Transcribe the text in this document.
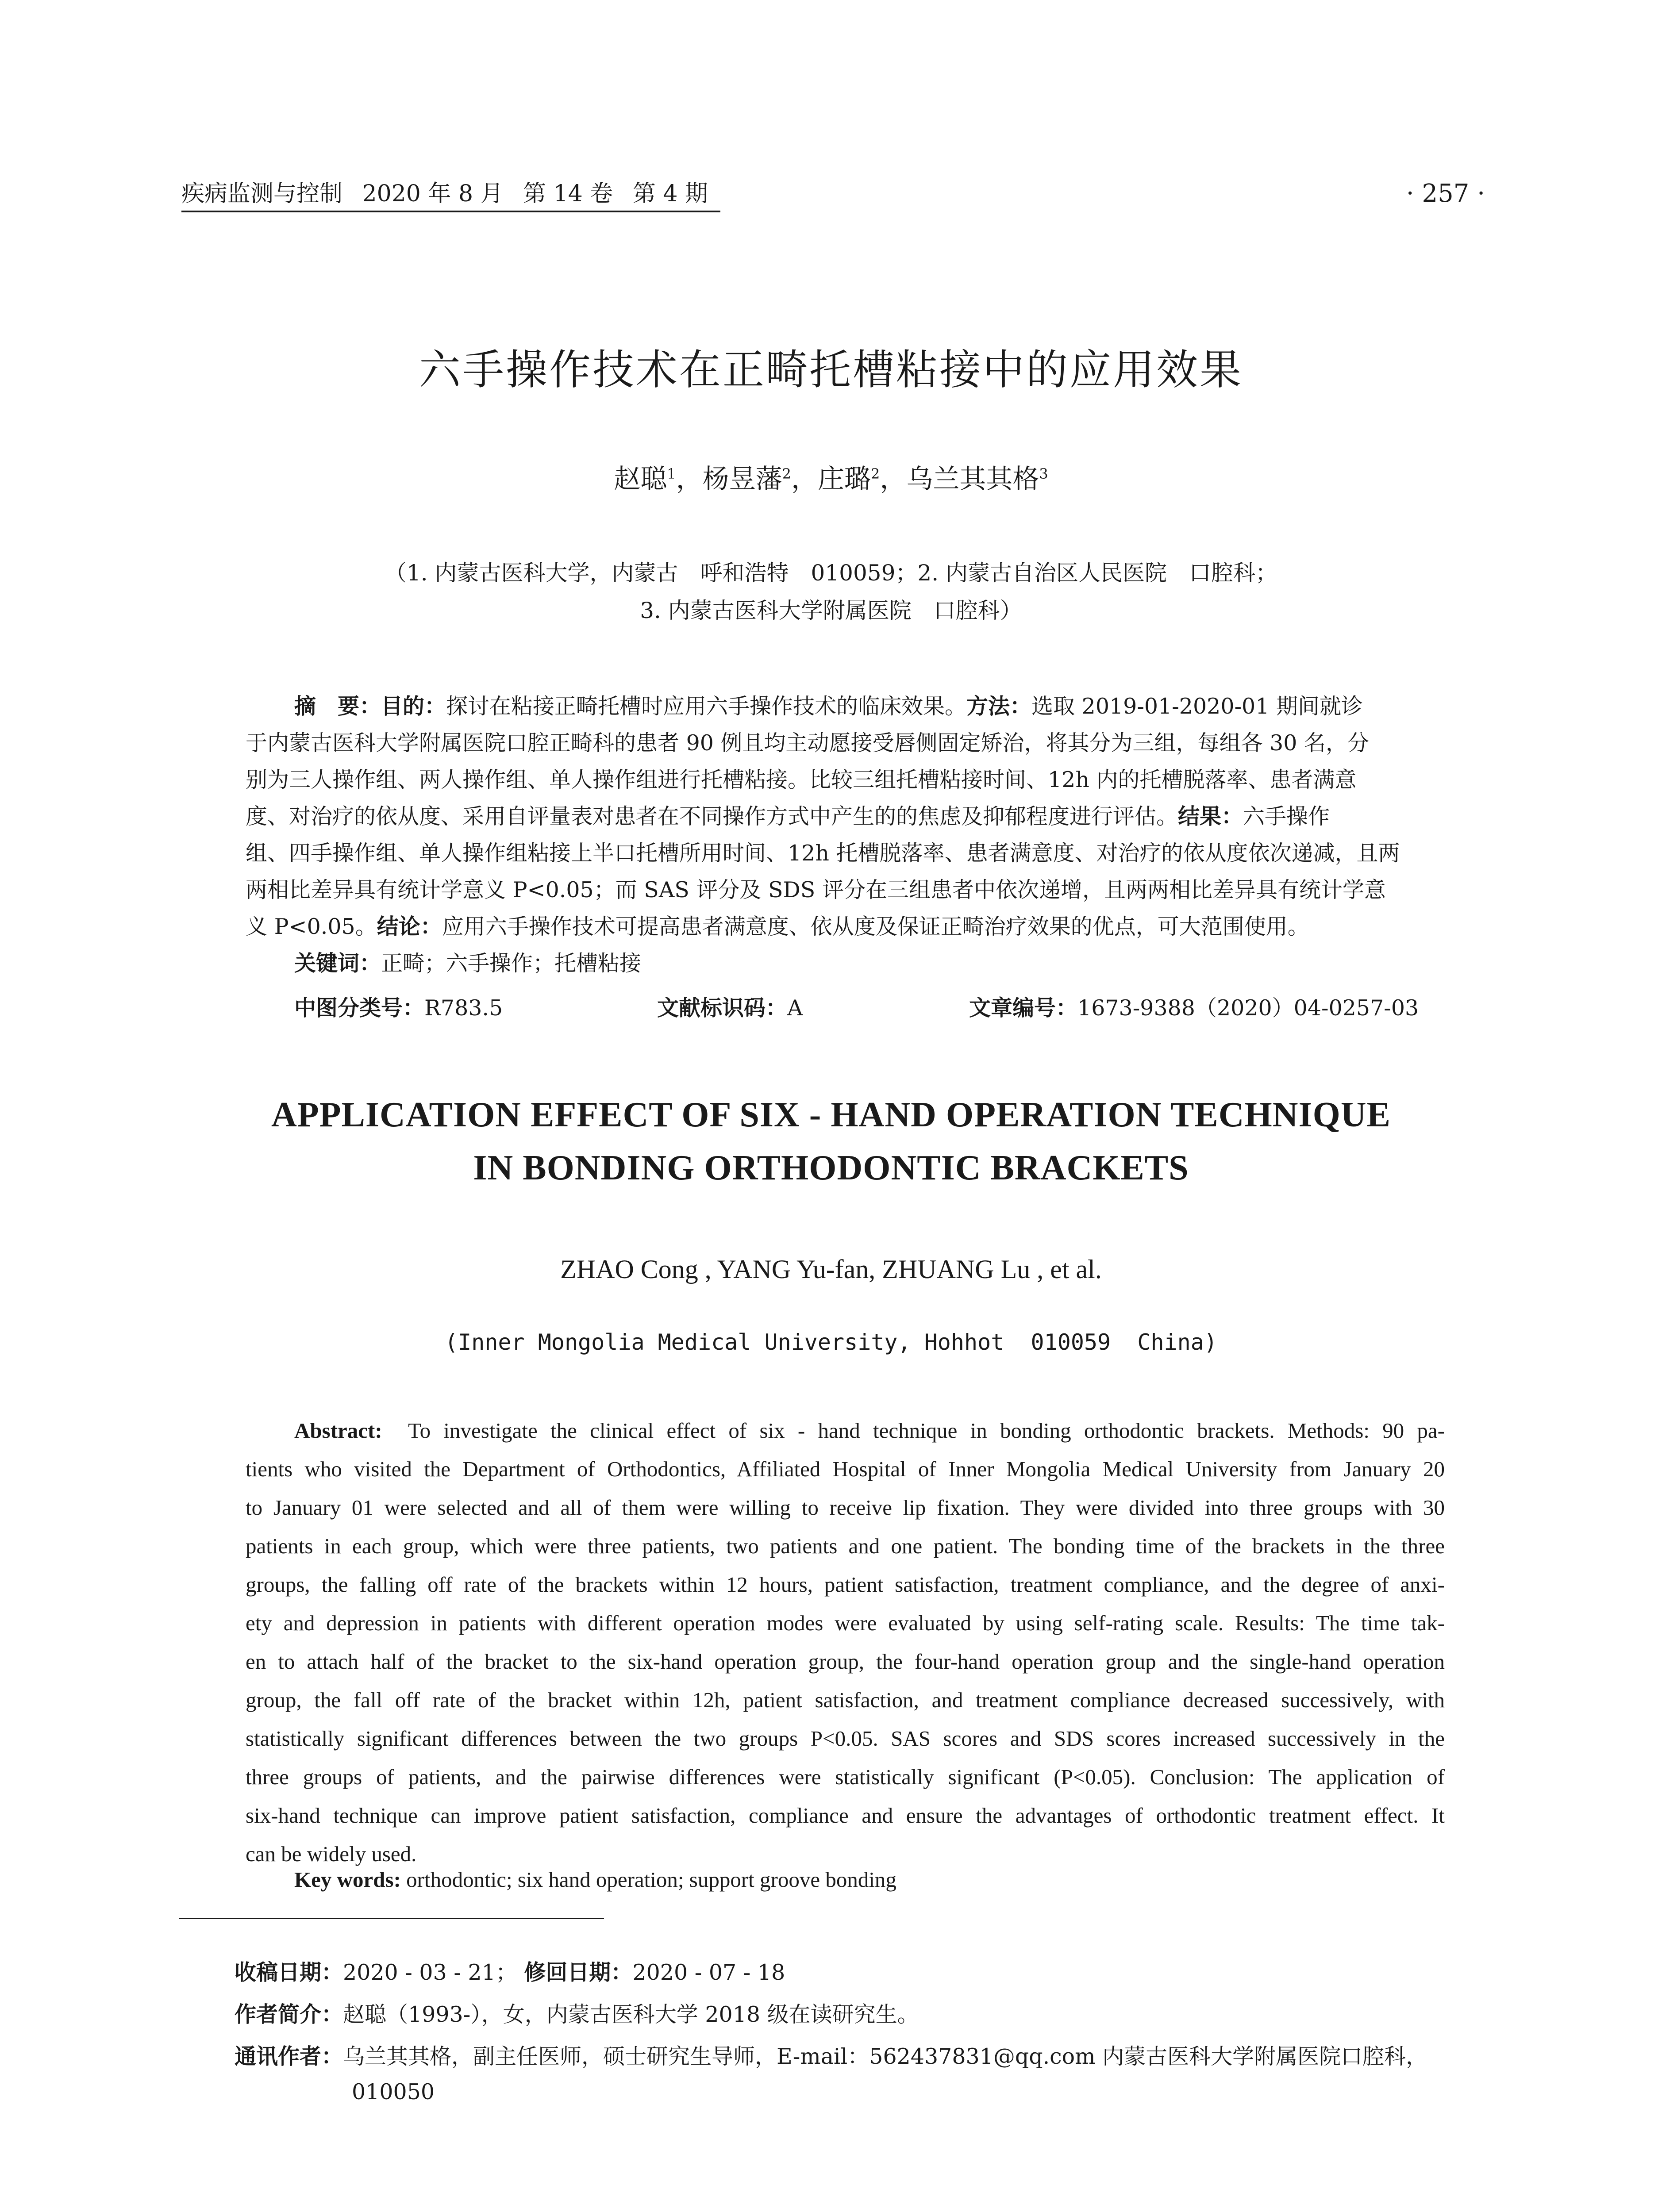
疾病监测与控制 2020 年 8 月 第 14 卷 第 4 期	· 257 ·
六手操作技术在正畸托槽粘接中的应用效果
赵聪$^1$，杨昱藩$^2$，庄璐$^2$，乌兰其其格$^3$
（1. 内蒙古医科大学，内蒙古　呼和浩特　010059；2. 内蒙古自治区人民医院　口腔科；
3. 内蒙古医科大学附属医院　口腔科）
摘　要：目的：探讨在粘接正畸托槽时应用六手操作技术的临床效果。方法：选取 2019-01-2020-01 期间就诊
于内蒙古医科大学附属医院口腔正畸科的患者 90 例且均主动愿接受唇侧固定矫治，将其分为三组，每组各 30 名，分
别为三人操作组、两人操作组、单人操作组进行托槽粘接。比较三组托槽粘接时间、12h 内的托槽脱落率、患者满意
度、对治疗的依从度、采用自评量表对患者在不同操作方式中产生的的焦虑及抑郁程度进行评估。结果：六手操作
组、四手操作组、单人操作组粘接上半口托槽所用时间、12h 托槽脱落率、患者满意度、对治疗的依从度依次递减，且两
两相比差异具有统计学意义 P<0.05；而 SAS 评分及 SDS 评分在三组患者中依次递增，且两两相比差异具有统计学意
义 P<0.05。结论：应用六手操作技术可提高患者满意度、依从度及保证正畸治疗效果的优点，可大范围使用。
关键词：正畸；六手操作；托槽粘接
中图分类号：R783.5	文献标识码：A	文章编号：1673-9388（2020）04-0257-03
APPLICATION EFFECT OF SIX - HAND OPERATION TECHNIQUE
IN BONDING ORTHODONTIC BRACKETS
ZHAO Cong , YANG Yu-fan, ZHUANG Lu , et al.
(Inner Mongolia Medical University, Hohhot  010059  China)
Abstract: To investigate the clinical effect of six - hand technique in bonding orthodontic brackets. Methods: 90 pa-
tients who visited the Department of Orthodontics, Affiliated Hospital of Inner Mongolia Medical University from January 20
to January 01 were selected and all of them were willing to receive lip fixation. They were divided into three groups with 30
patients in each group, which were three patients, two patients and one patient. The bonding time of the brackets in the three
groups, the falling off rate of the brackets within 12 hours, patient satisfaction, treatment compliance, and the degree of anxi-
ety and depression in patients with different operation modes were evaluated by using self-rating scale. Results: The time tak-
en to attach half of the bracket to the six-hand operation group, the four-hand operation group and the single-hand operation
group, the fall off rate of the bracket within 12h, patient satisfaction, and treatment compliance decreased successively, with
statistically significant differences between the two groups P<0.05. SAS scores and SDS scores increased successively in the
three groups of patients, and the pairwise differences were statistically significant (P<0.05). Conclusion: The application of
six-hand technique can improve patient satisfaction, compliance and ensure the advantages of orthodontic treatment effect. It
can be widely used.
Key words: orthodontic; six hand operation; support groove bonding
收稿日期：2020 - 03 - 21； 修回日期：2020 - 07 - 18
作者简介：赵聪（1993-），女，内蒙古医科大学 2018 级在读研究生。
通讯作者：乌兰其其格，副主任医师，硕士研究生导师，E-mail：562437831@qq.com 内蒙古医科大学附属医院口腔科，
010050
